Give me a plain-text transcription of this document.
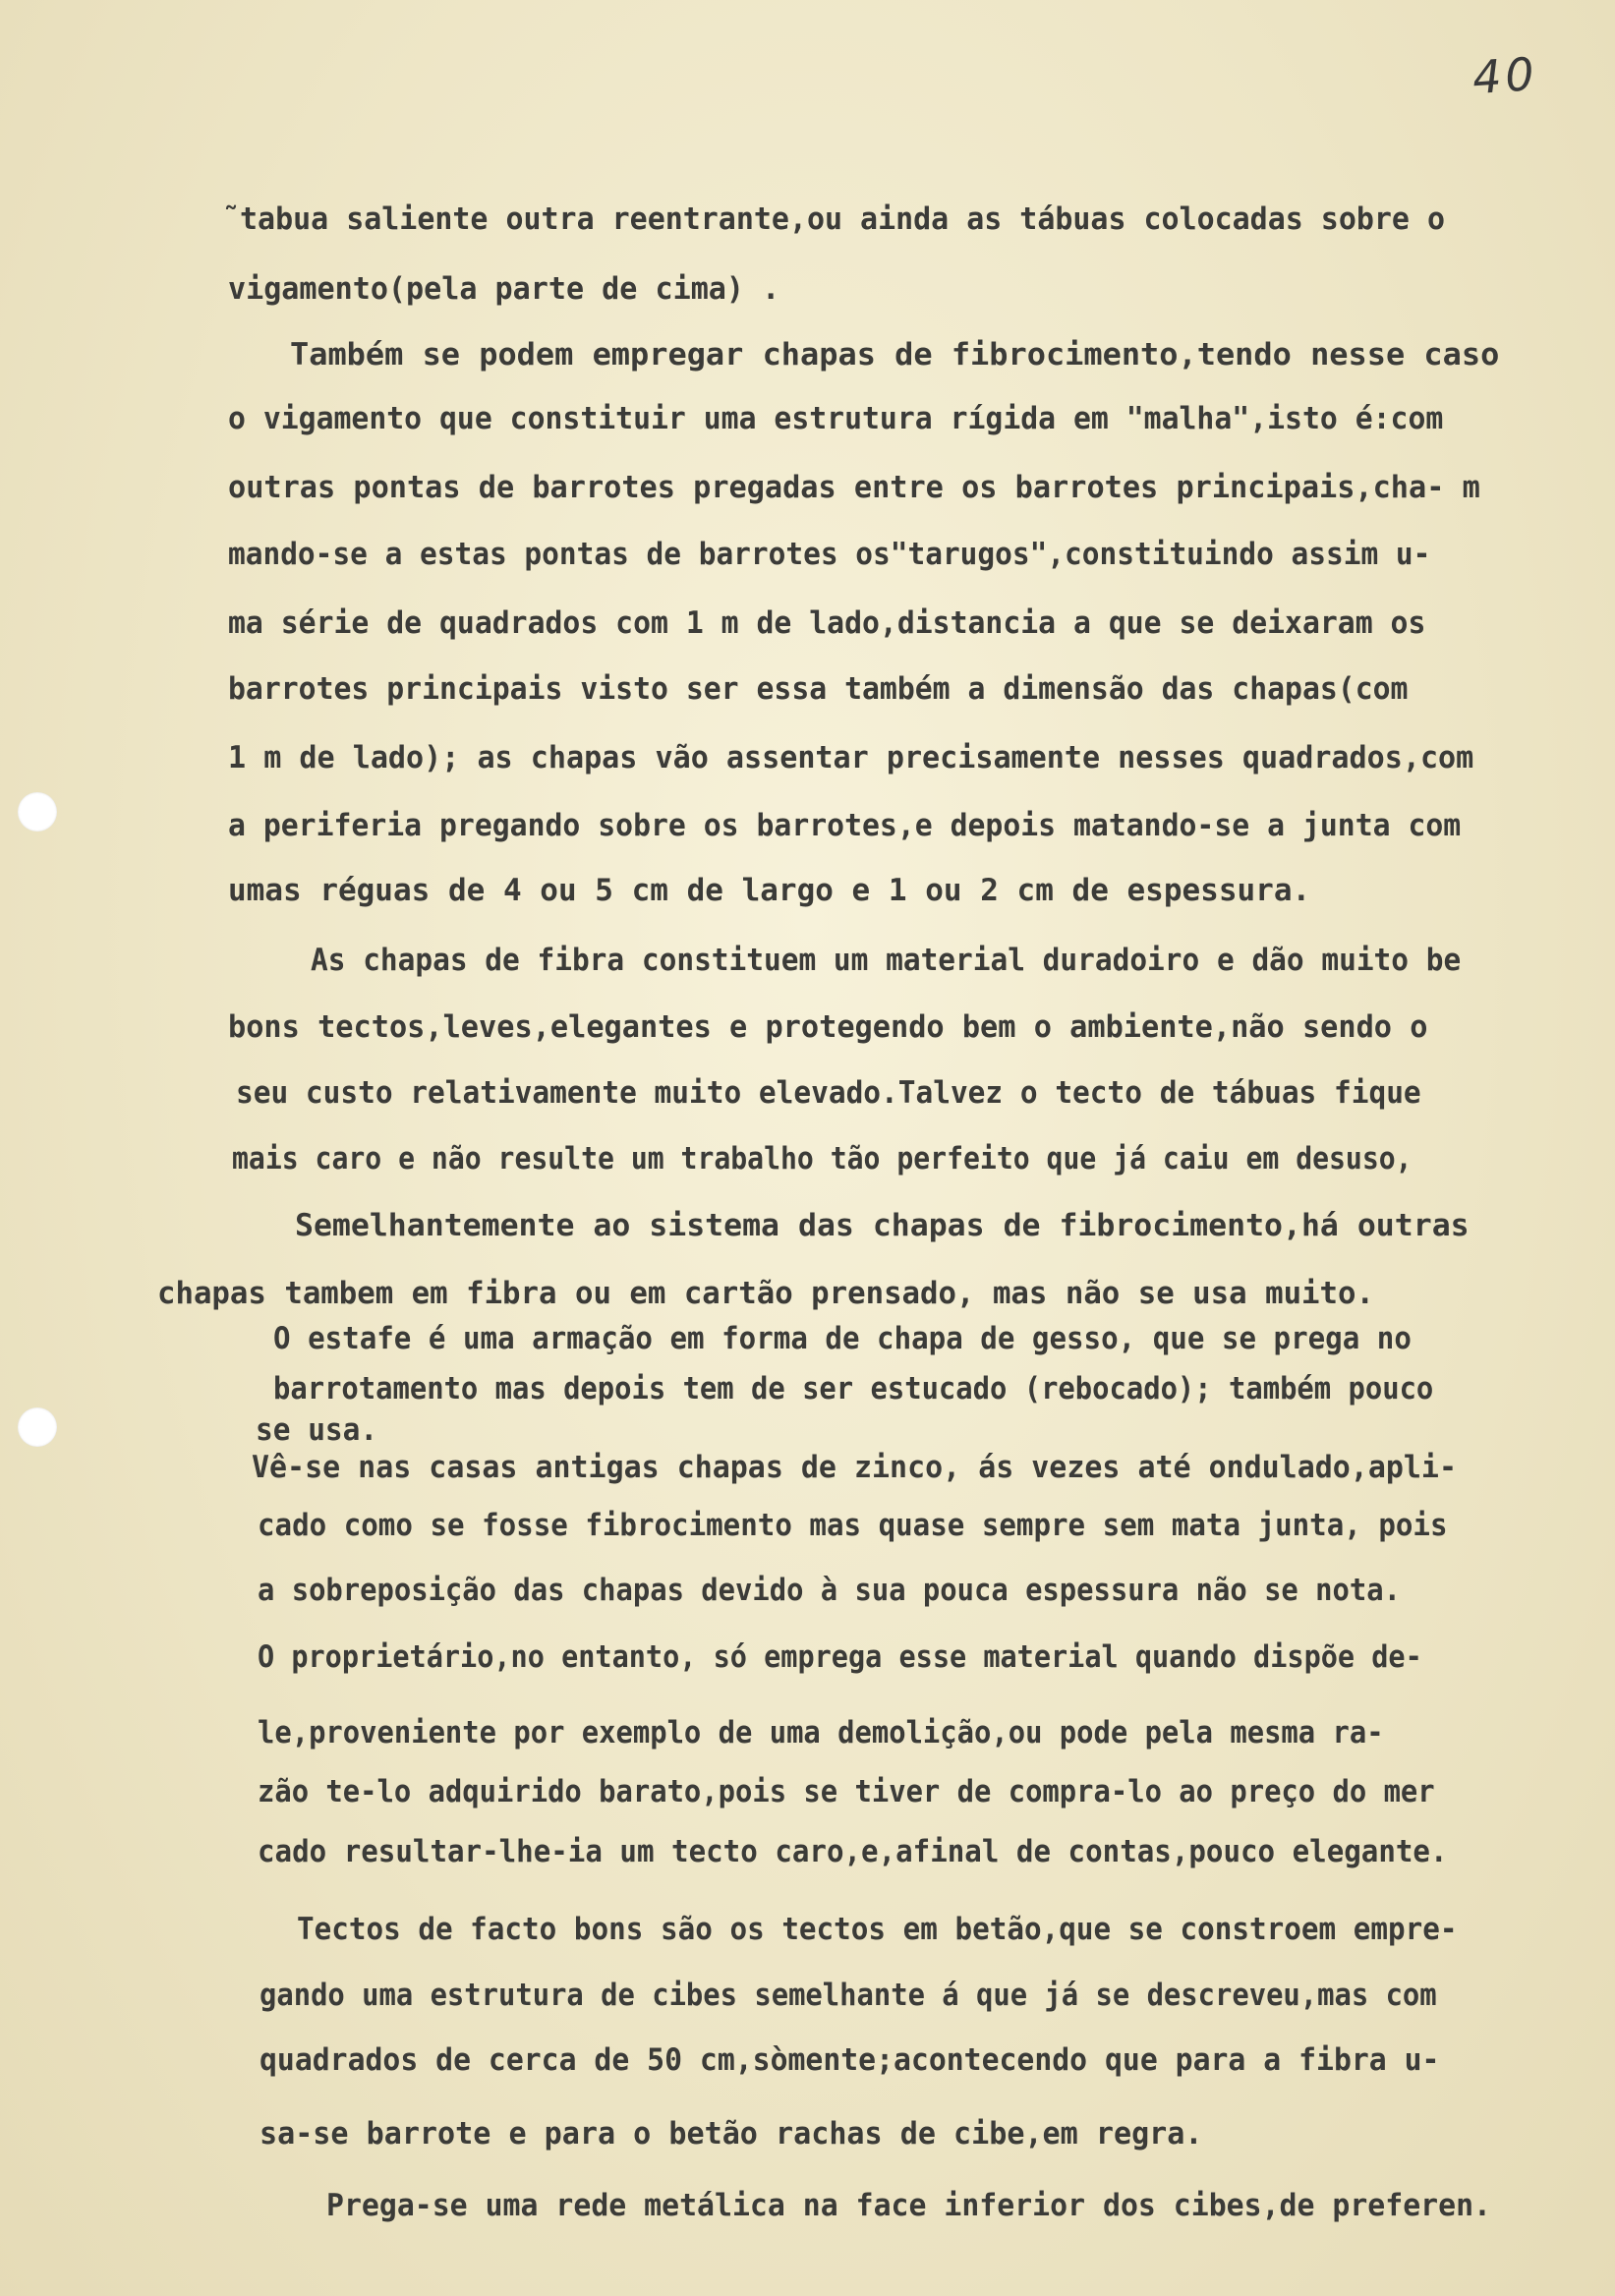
40
˜tabua saliente outra reentrante,ou ainda as tábuas colocadas sobre o
vigamento(pela parte de cima) .
Também se podem empregar chapas de fibrocimento,tendo nesse caso
o vigamento que constituir uma estrutura rígida em "malha",isto é:com
outras pontas de barrotes pregadas entre os barrotes principais,cha- m
mando-se a estas pontas de barrotes os"tarugos",constituindo assim u-
ma série de quadrados com 1 m de lado,distancia a que se deixaram os
barrotes principais visto ser essa também a dimensão das chapas(com
1 m de lado); as chapas vão assentar precisamente nesses quadrados,com
a periferia pregando sobre os barrotes,e depois matando-se a junta com
umas réguas de 4 ou 5 cm de largo e 1 ou 2 cm de espessura.
As chapas de fibra constituem um material duradoiro e dão muito be
bons tectos,leves,elegantes e protegendo bem o ambiente,não sendo o
seu custo relativamente muito elevado.Talvez o tecto de tábuas fique
mais caro e não resulte um trabalho tão perfeito que já caiu em desuso,
Semelhantemente ao sistema das chapas de fibrocimento,há outras
chapas tambem em fibra ou em cartão prensado, mas não se usa muito.
O estafe é uma armação em forma de chapa de gesso, que se prega no
barrotamento mas depois tem de ser estucado (rebocado); também pouco
se usa.
Vê-se nas casas antigas chapas de zinco, ás vezes até ondulado,apli-
cado como se fosse fibrocimento mas quase sempre sem mata junta, pois
a sobreposição das chapas devido à sua pouca espessura não se nota.
O proprietário,no entanto, só emprega esse material quando dispõe de-
le,proveniente por exemplo de uma demolição,ou pode pela mesma ra-
zão te-lo adquirido barato,pois se tiver de compra-lo ao preço do mer
cado resultar-lhe-ia um tecto caro,e,afinal de contas,pouco elegante.
Tectos de facto bons são os tectos em betão,que se constroem empre-
gando uma estrutura de cibes semelhante á que já se descreveu,mas com
quadrados de cerca de 50 cm,sòmente;acontecendo que para a fibra u-
sa-se barrote e para o betão rachas de cibe,em regra.
Prega-se uma rede metálica na face inferior dos cibes,de preferen.
